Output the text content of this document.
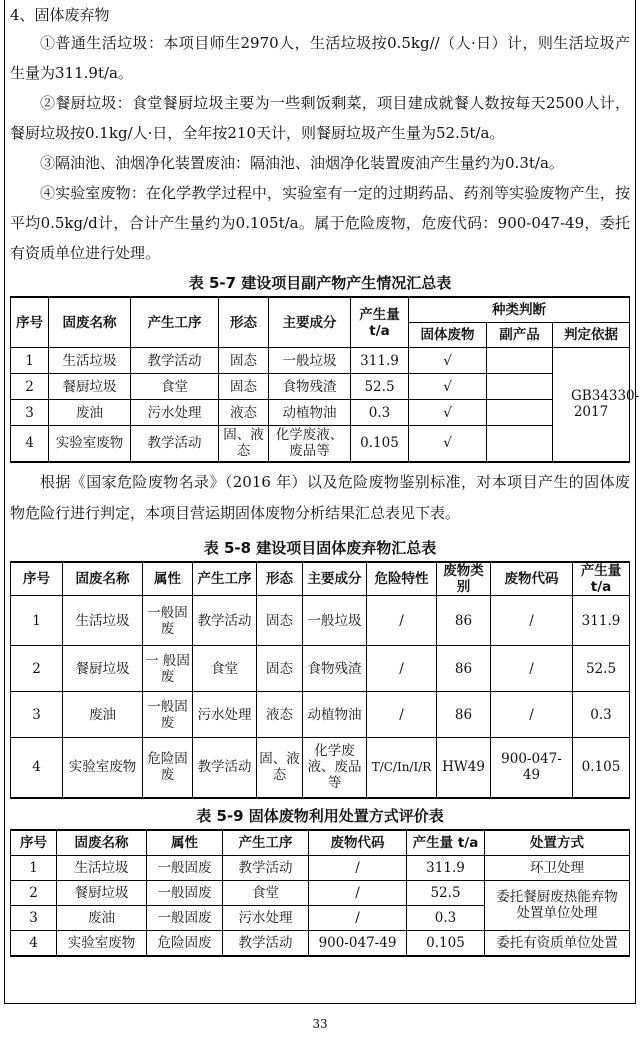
4、固体废弃物

①普通生活垃圾：本项目师生2970人，生活垃圾按0.5kg//（人·日）计，则生活垃圾产生量为311.9t/a。

②餐厨垃圾：食堂餐厨垃圾主要为一些剩饭剩菜，项目建成就餐人数按每天2500人计，餐厨垃圾按0.1kg/人·日，全年按210天计，则餐厨垃圾产生量为52.5t/a。

③隔油池、油烟净化装置废油：隔油池、油烟净化装置废油产生量约为0.3t/a。

④实验室废物：在化学教学过程中，实验室有一定的过期药品、药剂等实验废物产生，按平均0.5kg/d计，合计产生量约为0.105t/a。属于危险废物，危废代码：900-047-49，委托有资质单位进行处理。

表 5-7 建设项目副产物产生情况汇总表
序号	固废名称	产生工序	形态	主要成分	产生量t/a	种类判断		
						固体废物	副产品	判定依据
1	生活垃圾	教学活动	固态	一般垃圾	311.9	√		GB34330-2017
2	餐厨垃圾	食堂	固态	食物残渣	52.5	√		
3	废油	污水处理	液态	动植物油	0.3	√		
4	实验室废物	教学活动	固、液态	化学废液、废品等	0.105	√		

根据《国家危险废物名录》（2016 年）以及危险废物鉴别标准，对本项目产生的固体废物危险行进行判定，本项目营运期固体废物分析结果汇总表见下表。

表 5-8 建设项目固体废弃物汇总表
序号	固废名称	属性	产生工序	形态	主要成分	危险特性	废物类别	废物代码	产生量t/a
1	生活垃圾	一般固废	教学活动	固态	一般垃圾	/	86	/	311.9
2	餐厨垃圾	一 般固废	食堂	固态	食物残渣	/	86	/	52.5
3	废油	一般固废	污水处理	液态	动植物油	/	86	/	0.3
4	实验室废物	危险固废	教学活动	固、液态	化学废液、废品等	T/C/In/I/R	HW49	900-047-49	0.105
表 5-9 固体废物利用处置方式评价表
序号	固废名称	属性	产生工序	废物代码	产生量 t/a	处置方式
1	生活垃圾	一般固废	教学活动	/	311.9	环卫处理
2	餐厨垃圾	一般固废	食堂	/	52.5	委托餐厨废热能弃物处置单位处理
3	废油	一般固废	污水处理	/	0.3	
4	实验室废物	危险固废	教学活动	900-047-49	0.105	委托有资质单位处置
33
